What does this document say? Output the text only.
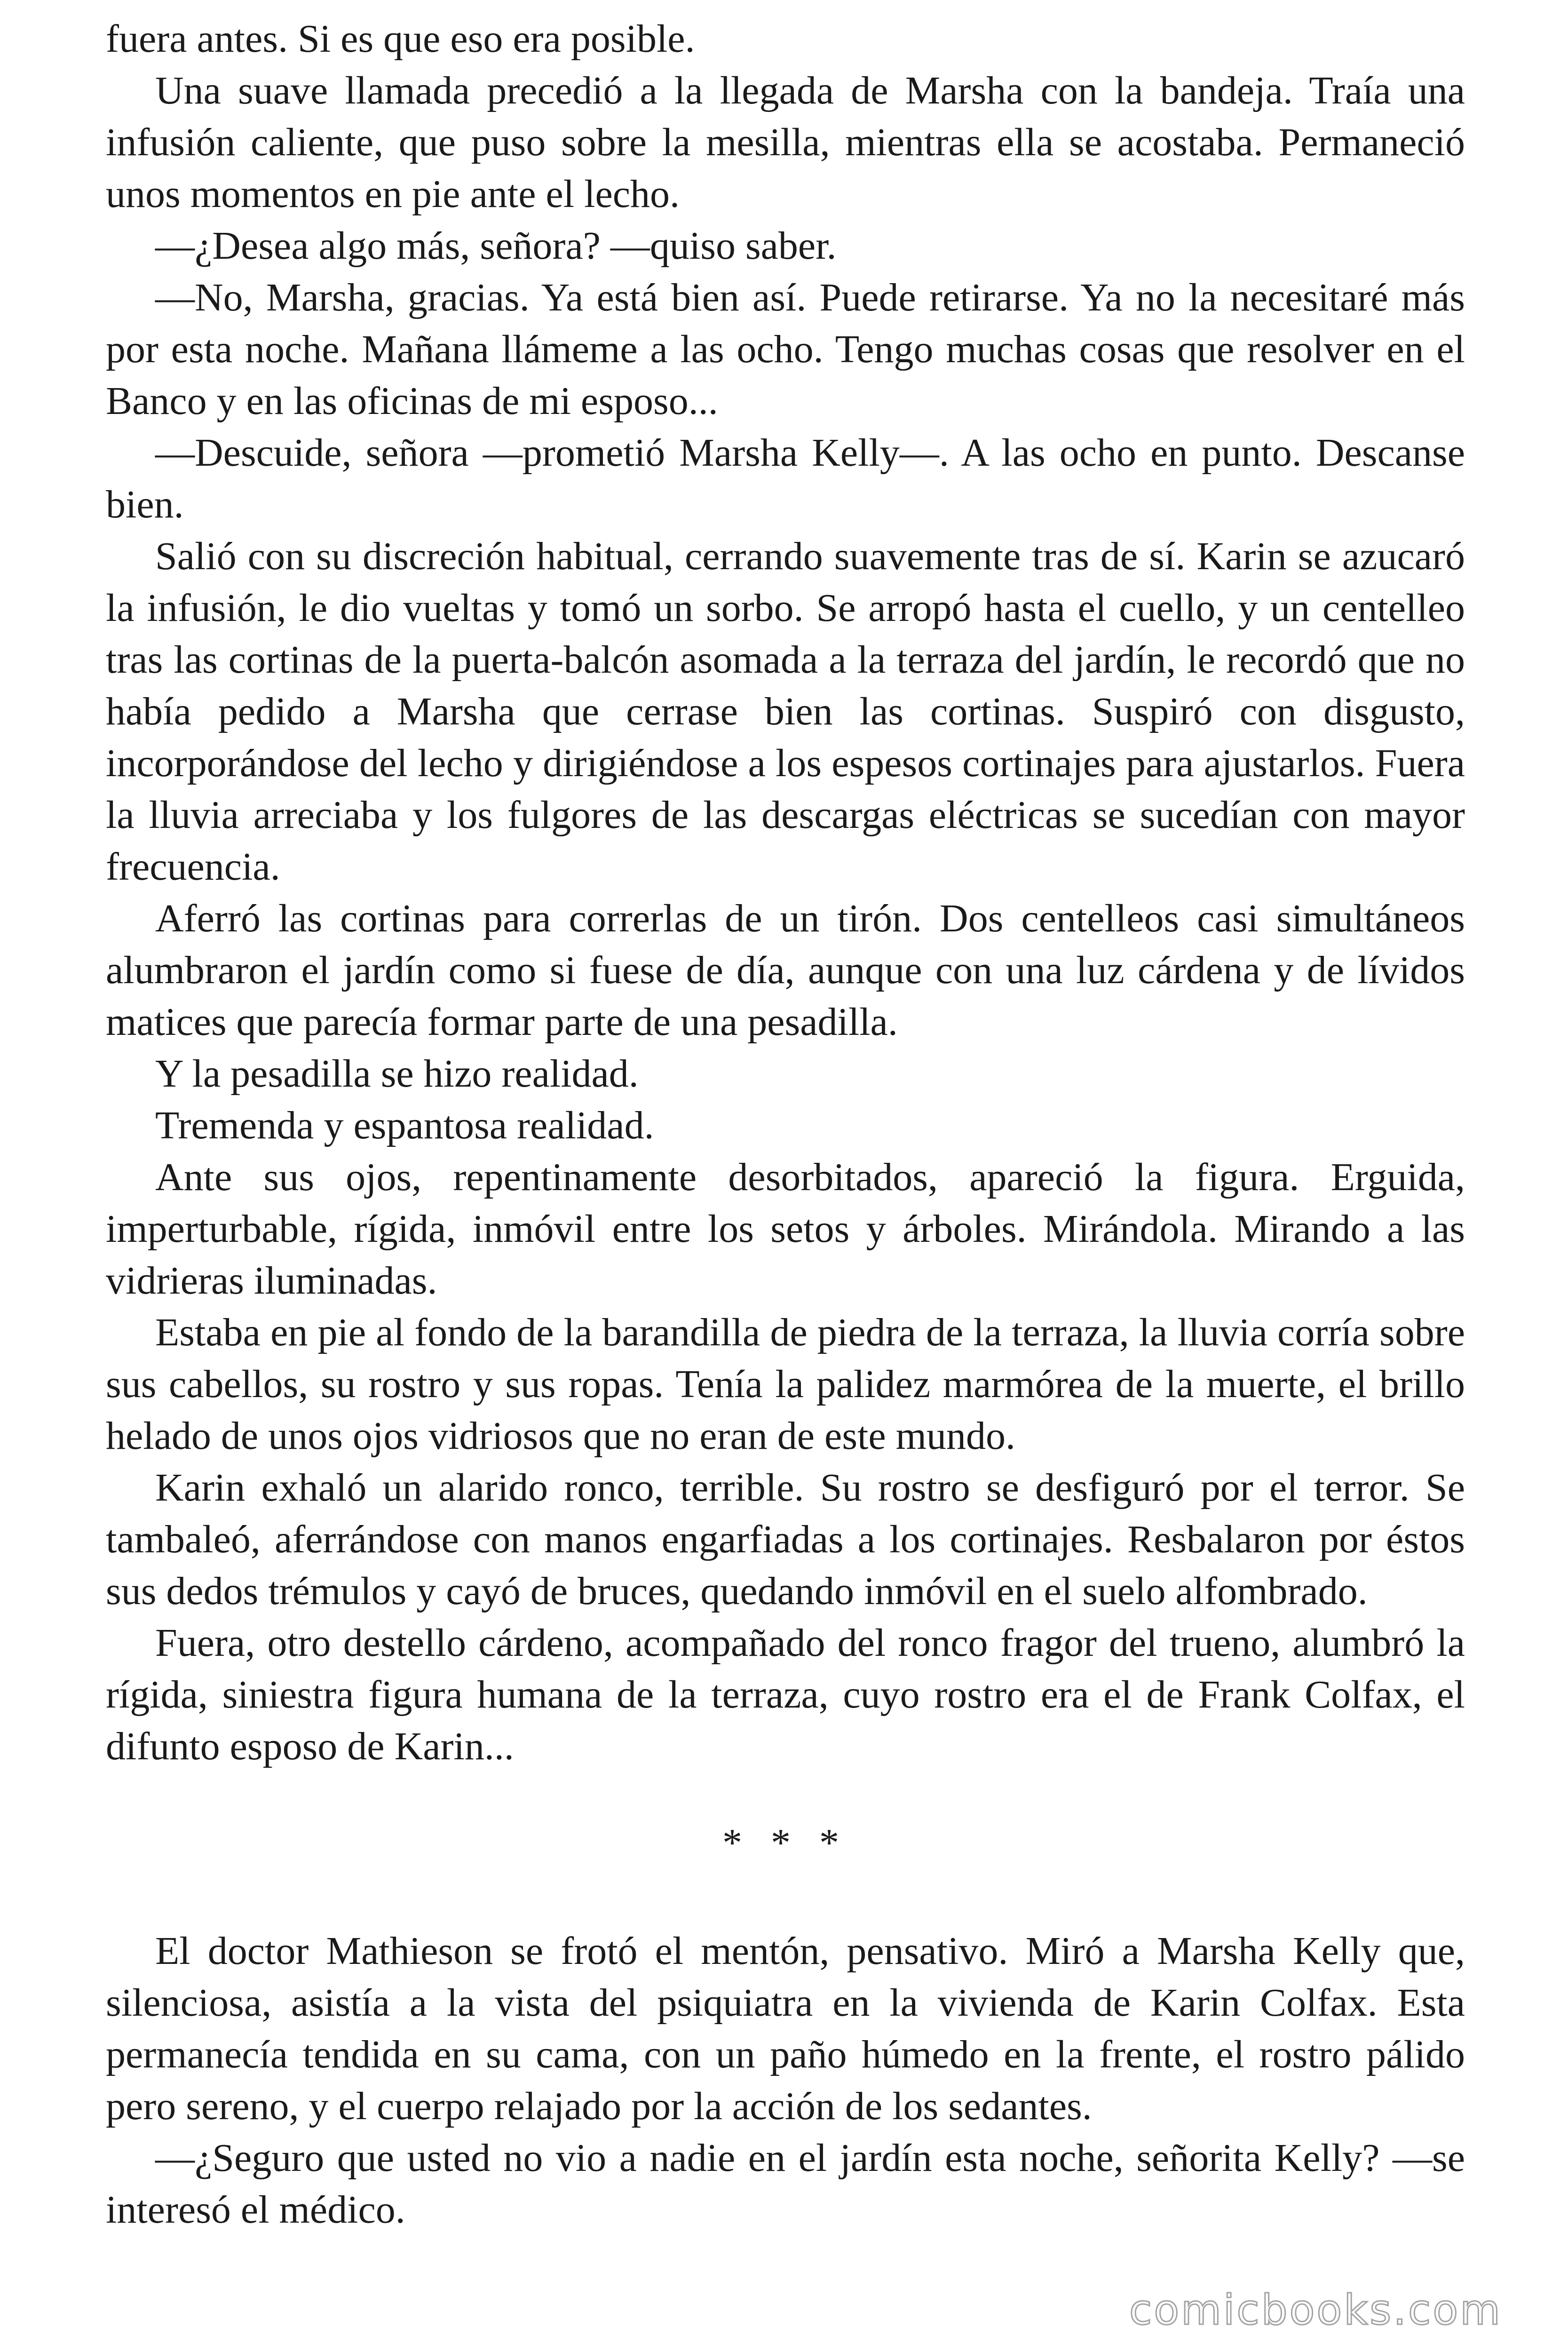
fuera antes. Si es que eso era posible.

Una suave llamada precedió a la llegada de Marsha con la bandeja. Traía una infusión caliente, que puso sobre la mesilla, mientras ella se acostaba. Permaneció unos momentos en pie ante el lecho.

—¿Desea algo más, señora? —quiso saber.

—No, Marsha, gracias. Ya está bien así. Puede retirarse. Ya no la necesitaré más por esta noche. Mañana llámeme a las ocho. Tengo muchas cosas que resolver en el Banco y en las oficinas de mi esposo...

—Descuide, señora —prometió Marsha Kelly—. A las ocho en punto. Descanse bien.

Salió con su discreción habitual, cerrando suavemente tras de sí. Karin se azucaró la infusión, le dio vueltas y tomó un sorbo. Se arropó hasta el cuello, y un centelleo tras las cortinas de la puerta-balcón asomada a la terraza del jardín, le recordó que no había pedido a Marsha que cerrase bien las cortinas. Suspiró con disgusto, incorporándose del lecho y dirigiéndose a los espesos cortinajes para ajustarlos. Fuera la lluvia arreciaba y los fulgores de las descargas eléctricas se sucedían con mayor frecuencia.

Aferró las cortinas para correrlas de un tirón. Dos centelleos casi simultáneos alumbraron el jardín como si fuese de día, aunque con una luz cárdena y de lívidos matices que parecía formar parte de una pesadilla.

Y la pesadilla se hizo realidad.

Tremenda y espantosa realidad.

Ante sus ojos, repentinamente desorbitados, apareció la figura. Erguida, imperturbable, rígida, inmóvil entre los setos y árboles. Mirándola. Mirando a las vidrieras iluminadas.

Estaba en pie al fondo de la barandilla de piedra de la terraza, la lluvia corría sobre sus cabellos, su rostro y sus ropas. Tenía la palidez marmórea de la muerte, el brillo helado de unos ojos vidriosos que no eran de este mundo.

Karin exhaló un alarido ronco, terrible. Su rostro se desfiguró por el terror. Se tambaleó, aferrándose con manos engarfiadas a los cortinajes. Resbalaron por éstos sus dedos trémulos y cayó de bruces, quedando inmóvil en el suelo alfombrado.

Fuera, otro destello cárdeno, acompañado del ronco fragor del trueno, alumbró la rígida, siniestra figura humana de la terraza, cuyo rostro era el de Frank Colfax, el difunto esposo de Karin...

* * *

El doctor Mathieson se frotó el mentón, pensativo. Miró a Marsha Kelly que, silenciosa, asistía a la vista del psiquiatra en la vivienda de Karin Colfax. Esta permanecía tendida en su cama, con un paño húmedo en la frente, el rostro pálido pero sereno, y el cuerpo relajado por la acción de los sedantes.

—¿Seguro que usted no vio a nadie en el jardín esta noche, señorita Kelly? —se interesó el médico.

comicbooks.com
